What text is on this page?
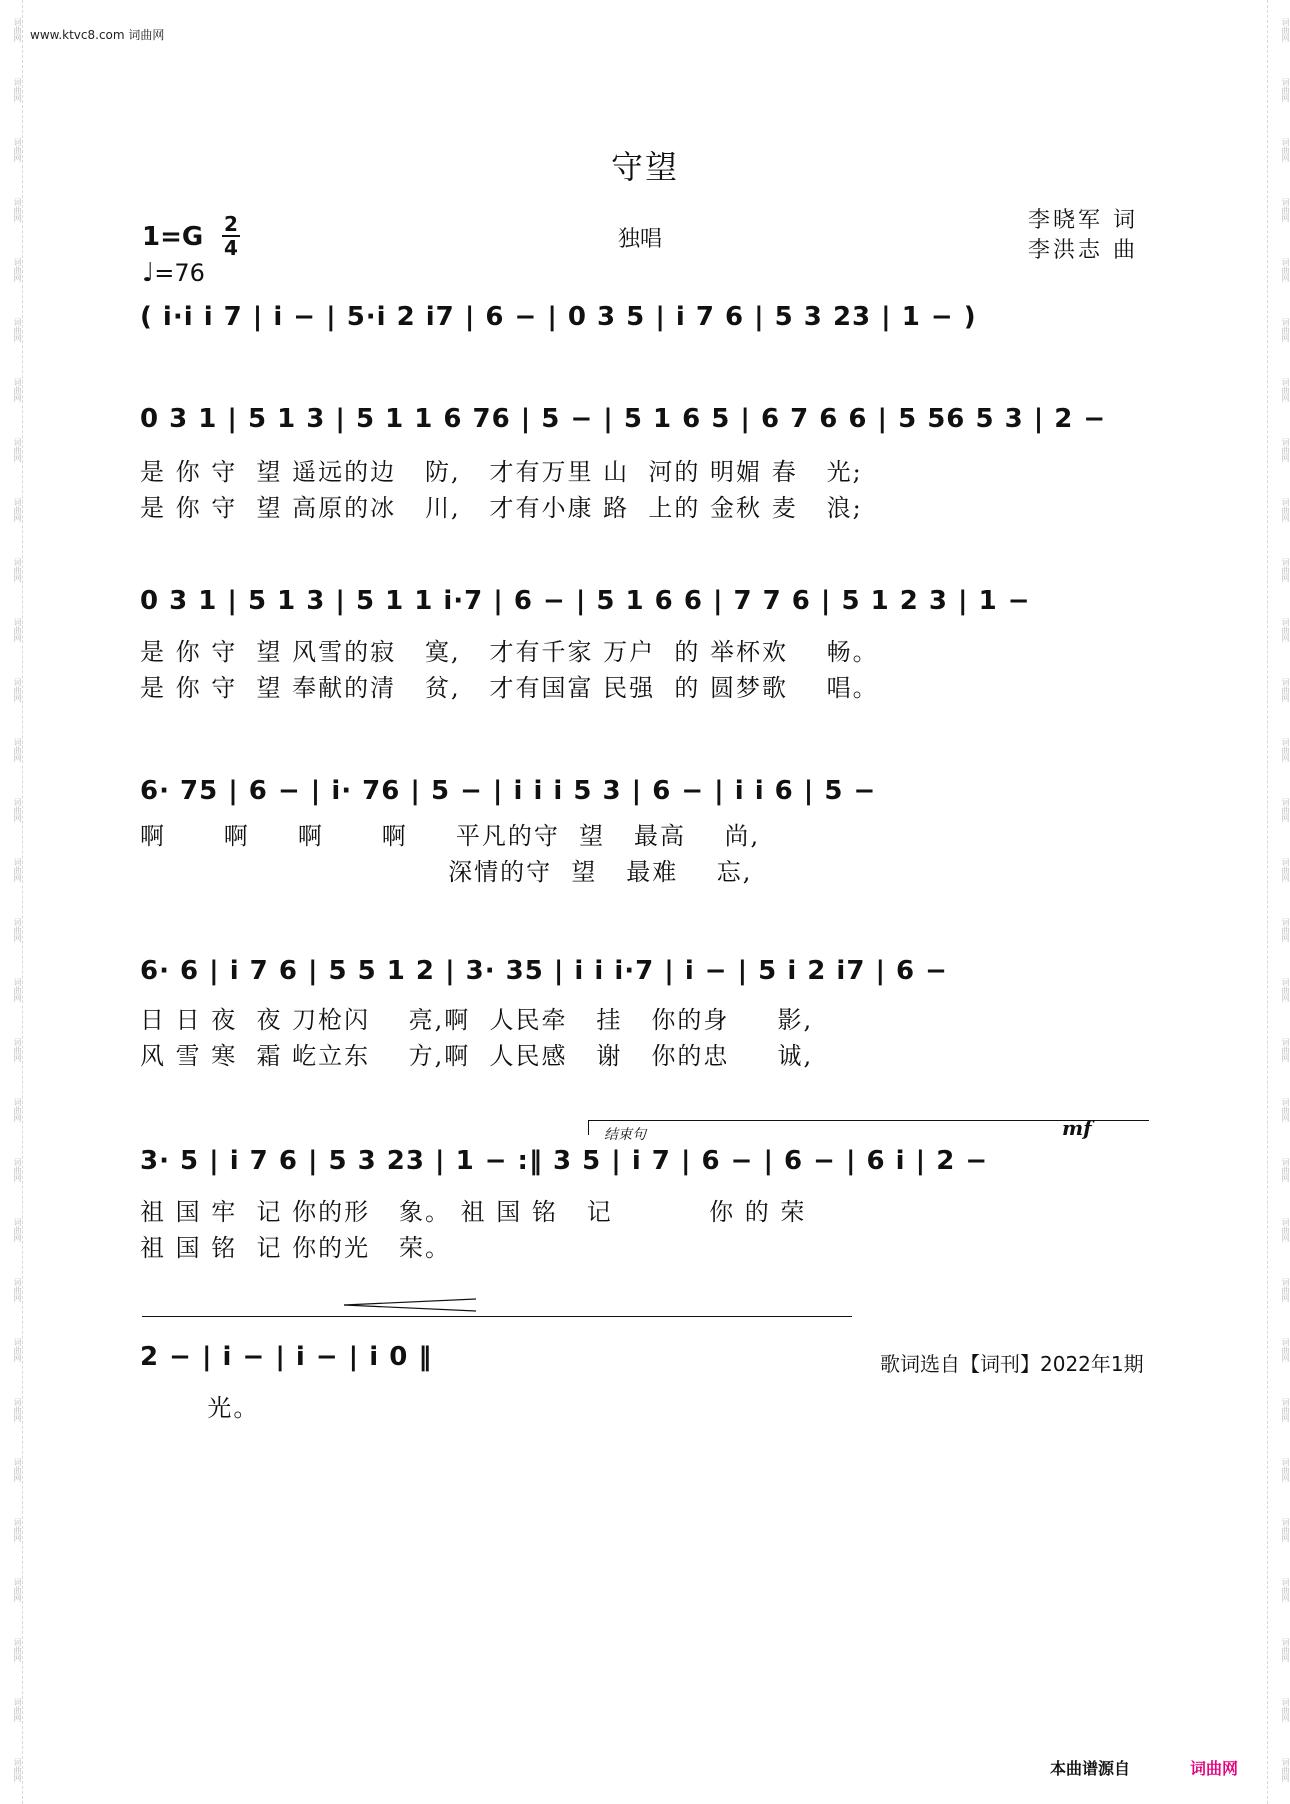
词曲网
词曲网
词曲网
词曲网
词曲网
词曲网
词曲网
词曲网
词曲网
词曲网
词曲网
词曲网
词曲网
词曲网
词曲网
词曲网
词曲网
词曲网
词曲网
词曲网
词曲网
词曲网
词曲网
词曲网
词曲网
词曲网
词曲网
词曲网
词曲网
词曲网
词曲网
词曲网
词曲网
词曲网
词曲网
词曲网
词曲网
词曲网
词曲网
词曲网
词曲网
词曲网
词曲网
词曲网
词曲网
词曲网
词曲网
词曲网
词曲网
词曲网
词曲网
词曲网
词曲网
词曲网
词曲网
词曲网
词曲网
词曲网
词曲网
词曲网
www.ktvc8.com 词曲网
守望
1=G 2
4
♩=76
独唱
李晓军 词
李洪志 曲
( i·i i 7 | i − | 5·i 2 i7 | 6 − | 0 3 5 | i 7 6 | 5 3 23 | 1 − )
0 3 1 | 5 1 3 | 5 1 1 6 76 | 5 − | 5 1 6 5 | 6 7 6 6 | 5 56 5 3 | 2 −
是 你 守  望 遥远的边   防,   才有万里 山  河的 明媚 春   光;
是 你 守  望 高原的冰   川,   才有小康 路  上的 金秋 麦   浪;
0 3 1 | 5 1 3 | 5 1 1 i·7 | 6 − | 5 1 6 6 | 7 7 6 | 5 1 2 3 | 1 −
是 你 守  望 风雪的寂   寞,   才有千家 万户  的 举杯欢    畅。
是 你 守  望 奉献的清   贫,   才有国富 民强  的 圆梦歌    唱。
6· 75 | 6 − | i· 76 | 5 − | i i i 5 3 | 6 − | i i 6 | 5 −
啊      啊     啊      啊     平凡的守  望   最高    尚,
深情的守  望   最难    忘,
6· 6 | i 7 6 | 5 5 1 2 | 3· 35 | i i i·7 | i − | 5 i 2 i7 | 6 −
日 日 夜  夜 刀枪闪    亮,啊  人民牵   挂   你的身     影,
风 雪 寒  霜 屹立东    方,啊  人民感   谢   你的忠     诚,
结束句	mf
3· 5 | i 7 6 | 5 3 23 | 1 − :‖ 3 5 | i 7 | 6 − | 6 − | 6 i | 2 −
祖 国 牢  记 你的形   象。 祖 国 铭   记          你 的 荣
祖 国 铭  记 你的光   荣。
2 − | i − | i − | i 0 ‖	歌词选自【词刊】2022年1期
光。
本曲谱源自	词曲网
